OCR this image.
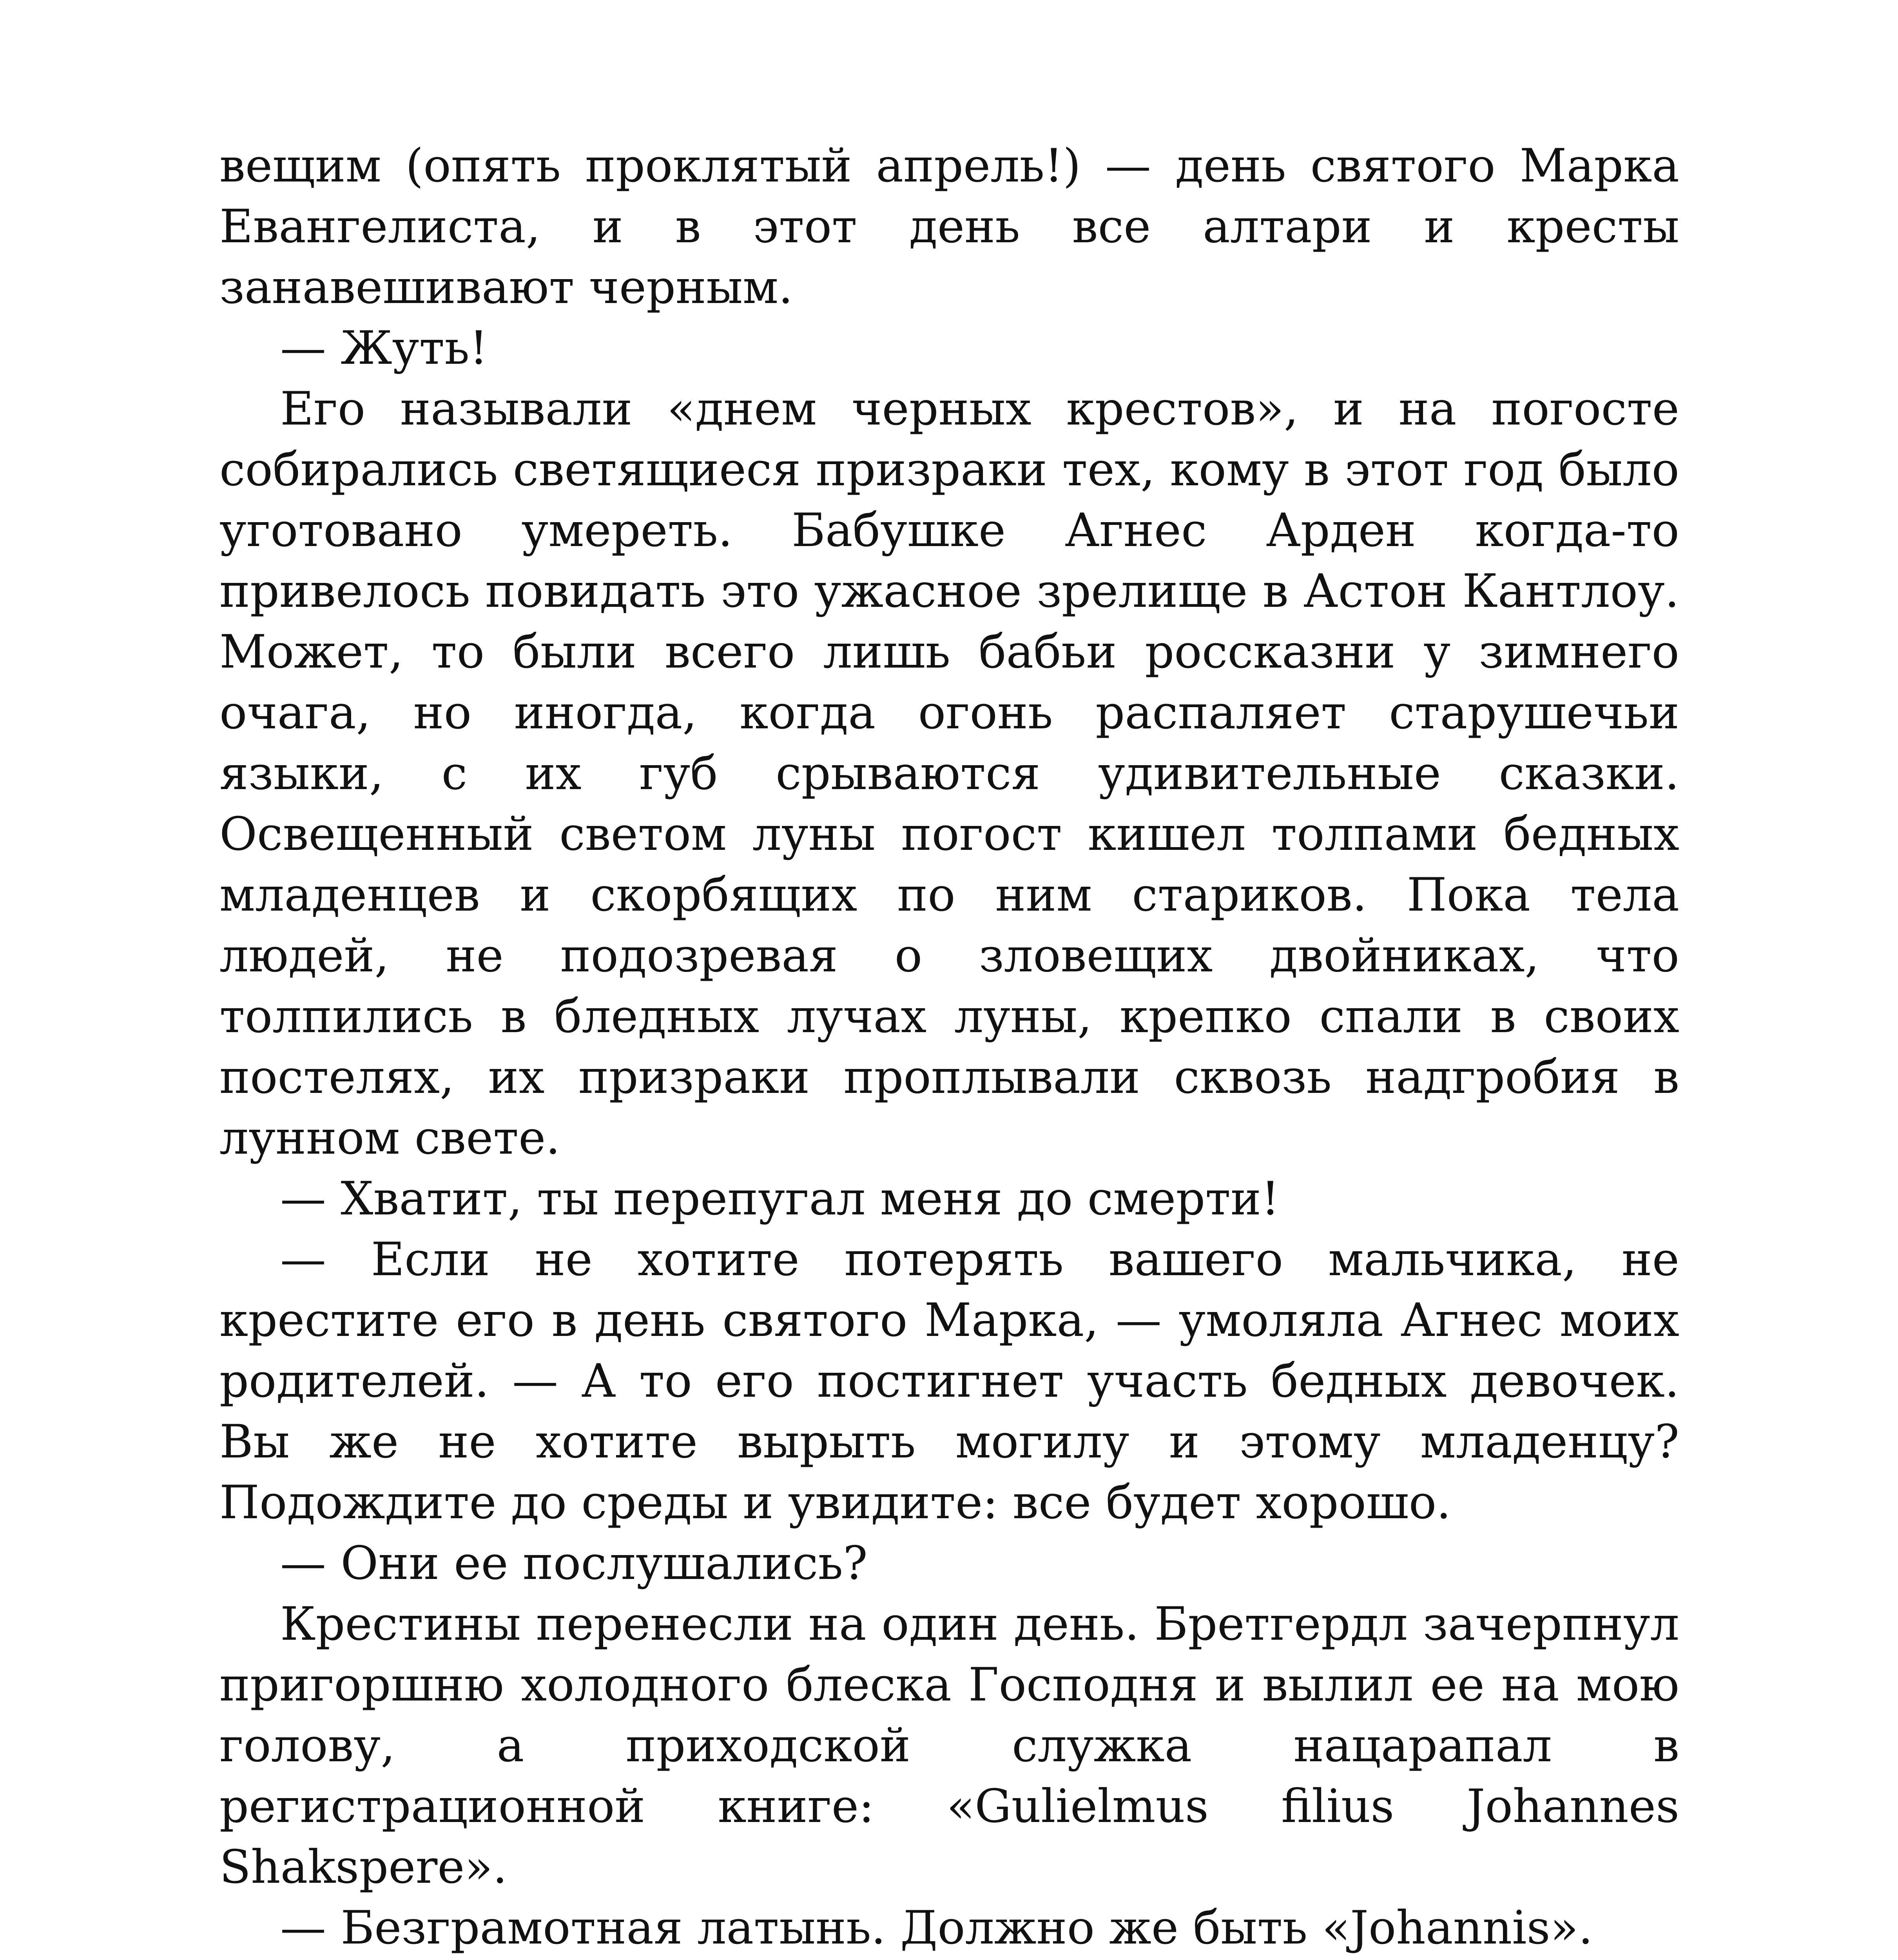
вещим (опять проклятый апрель!) — день святого Марка Евангелиста, и в этот день все алтари и кресты занавешивают черным.

— Жуть!

Его называли «днем черных крестов», и на погосте собирались светящиеся призраки тех, кому в этот год было уготовано умереть. Бабушке Агнес Арден когда-то привелось повидать это ужасное зрелище в Астон Кантлоу. Может, то были всего лишь бабьи россказни у зимнего очага, но иногда, когда огонь распаляет старушечьи языки, с их губ срываются удивительные сказки. Освещенный светом луны погост кишел толпами бедных младенцев и скорбящих по ним стариков. Пока тела людей, не подозревая о зловещих двойниках, что толпились в бледных лучах луны, крепко спали в своих постелях, их призраки проплывали сквозь надгробия в лунном свете.

— Хватит, ты перепугал меня до смерти!

— Если не хотите потерять вашего мальчика, не крестите его в день святого Марка, — умоляла Агнес моих родителей. — А то его постигнет участь бедных девочек. Вы же не хотите вырыть могилу и этому младенцу? Подождите до среды и увидите: все будет хорошо.

— Они ее послушались?

Крестины перенесли на один день. Бретгердл зачерпнул пригоршню холодного блеска Господня и вылил ее на мою голову, а приходской служка нацарапал в регистрационной книге: «Gulielmus filius Johannes Shakspere».

— Безграмотная латынь. Должно же быть «Johannis».
